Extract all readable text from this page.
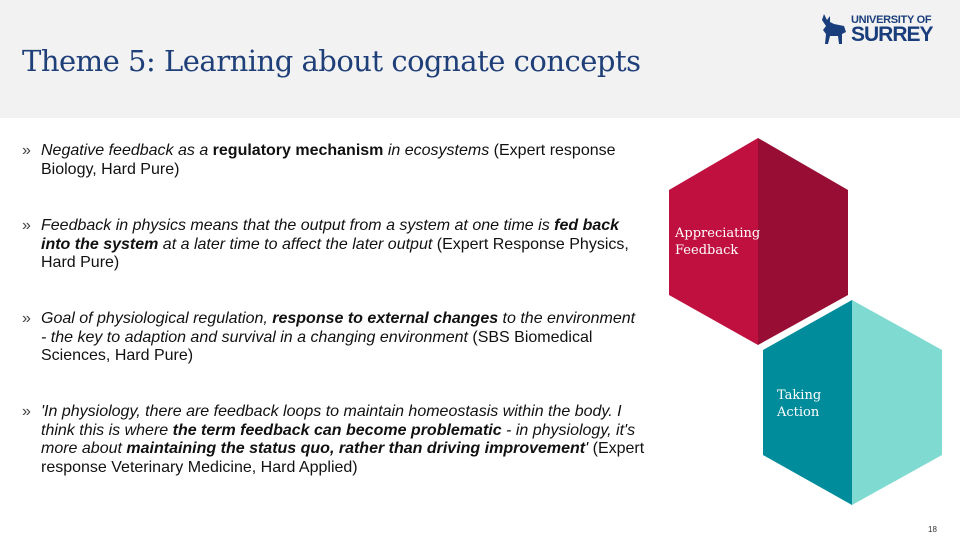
Theme 5: Learning about cognate concepts
UNIVERSITY OF
SURREY
» Negative feedback as a regulatory mechanism in ecosystems (Expert response Biology, Hard Pure)
» Feedback in physics means that the output from a system at one time is fed back into the system at a later time to affect the later output (Expert Response Physics, Hard Pure)
» Goal of physiological regulation, response to external changes to the environment - the key to adaption and survival in a changing environment (SBS Biomedical Sciences, Hard Pure)
» 'In physiology, there are feedback loops to maintain homeostasis within the body. I think this is where the term feedback can become problematic - in physiology, it's more about maintaining the status quo, rather than driving improvement' (Expert response Veterinary Medicine, Hard Applied)
Appreciating
Feedback
Taking
Action
18
